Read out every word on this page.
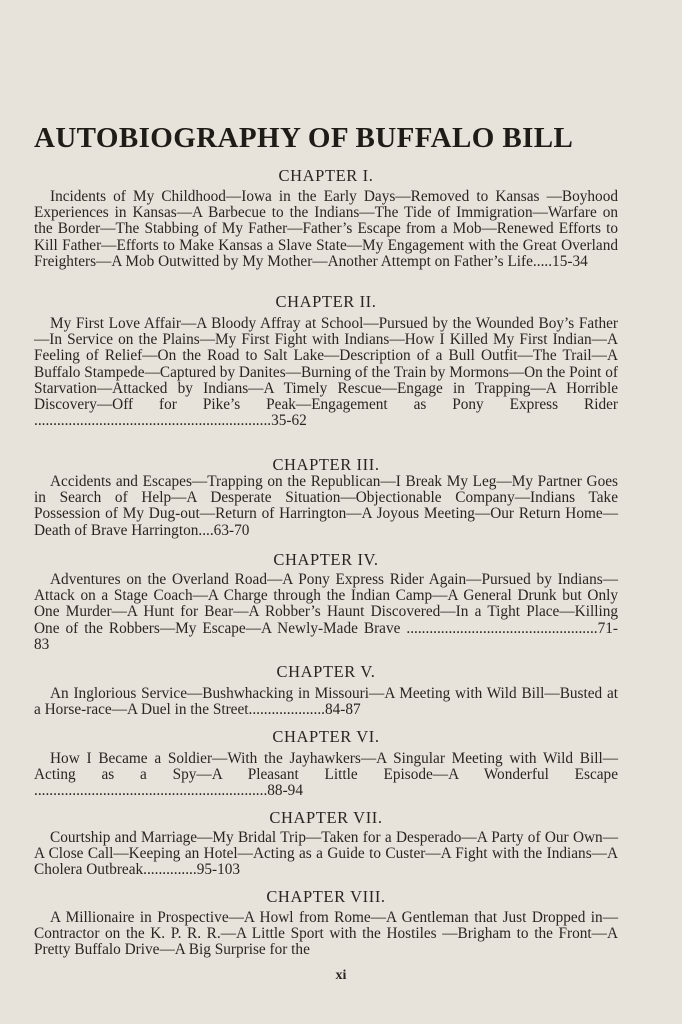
AUTOBIOGRAPHY OF BUFFALO BILL
CHAPTER I.
Incidents of My Childhood—Iowa in the Early Days—Removed to Kansas —Boyhood Experiences in Kansas—A Barbecue to the Indians—The Tide of Immigration—Warfare on the Border—The Stabbing of My Father—Father’s Escape from a Mob—Renewed Efforts to Kill Father—Efforts to Make Kansas a Slave State—My Engagement with the Great Overland Freighters—A Mob Outwitted by My Mother—Another Attempt on Father’s Life.....15-34
CHAPTER II.
My First Love Affair—A Bloody Affray at School—Pursued by the Wounded Boy’s Father—In Service on the Plains—My First Fight with Indians—How I Killed My First Indian—A Feeling of Relief—On the Road to Salt Lake—Description of a Bull Outfit—The Trail—A Buffalo Stampede—Captured by Danites—Burning of the Train by Mormons—On the Point of Starvation—Attacked by Indians—A Timely Rescue—Engage in Trapping—A Horrible Discovery—Off for Pike’s Peak—Engagement as Pony Express Rider ..............................................................35-62
CHAPTER III.
Accidents and Escapes—Trapping on the Republican—I Break My Leg—My Partner Goes in Search of Help—A Desperate Situation—Objectionable Company—Indians Take Possession of My Dug-out—Return of Harrington—A Joyous Meeting—Our Return Home—Death of Brave Harrington....63-70
CHAPTER IV.
Adventures on the Overland Road—A Pony Express Rider Again—Pursued by Indians—Attack on a Stage Coach—A Charge through the Indian Camp—A General Drunk but Only One Murder—A Hunt for Bear—A Robber’s Haunt Discovered—In a Tight Place—Killing One of the Robbers—My Escape—A Newly-Made Brave ..................................................71-83
CHAPTER V.
An Inglorious Service—Bushwhacking in Missouri—A Meeting with Wild Bill—Busted at a Horse-race—A Duel in the Street....................84-87
CHAPTER VI.
How I Became a Soldier—With the Jayhawkers—A Singular Meeting with Wild Bill—Acting as a Spy—A Pleasant Little Episode—A Wonderful Escape .............................................................88-94
CHAPTER VII.
Courtship and Marriage—My Bridal Trip—Taken for a Desperado—A Party of Our Own—A Close Call—Keeping an Hotel—Acting as a Guide to Custer—A Fight with the Indians—A Cholera Outbreak..............95-103
CHAPTER VIII.
A Millionaire in Prospective—A Howl from Rome—A Gentleman that Just Dropped in—Contractor on the K. P. R. R.—A Little Sport with the Hostiles —Brigham to the Front—A Pretty Buffalo Drive—A Big Surprise for the
xi
